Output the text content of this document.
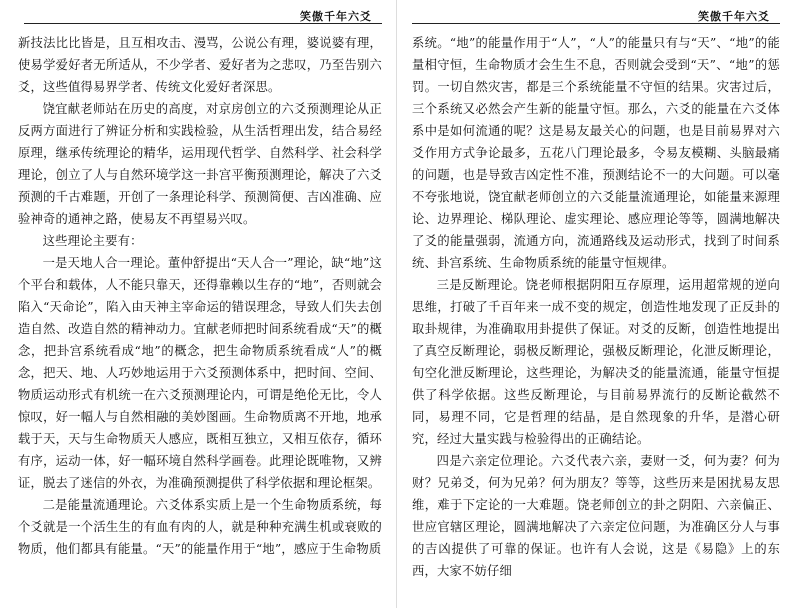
笑傲千年六爻

新技法比比皆是，且互相攻击、漫骂，公说公有理，婆说婆有理，使易学爱好者无所适从，不少学者、爱好者为之悲叹，乃至告别六爻，这些值得易界学者、传统文化爱好者深思。

饶宜献老师站在历史的高度，对京房创立的六爻预测理论从正反两方面进行了辨证分析和实践检验，从生活哲理出发，结合易经原理，继承传统理论的精华，运用现代哲学、自然科学、社会科学理论，创立了人与自然环境学这一卦宫平衡预测理论，解决了六爻预测的千古难题，开创了一条理论科学、预测简便、吉凶准确、应验神奇的通神之路，使易友不再望易兴叹。

这些理论主要有：

一是天地人合一理论。董仲舒提出“天人合一”理论，缺“地”这个平台和载体，人不能只靠天，还得靠赖以生存的“地”，否则就会陷入“天命论”，陷入由天神主宰命运的错误理念，导致人们失去创造自然、改造自然的精神动力。宜献老师把时间系统看成“天”的概念，把卦宫系统看成“地”的概念，把生命物质系统看成“人”的概念，把天、地、人巧妙地运用于六爻预测体系中，把时间、空间、物质运动形式有机统一在六爻预测理论内，可谓是绝伦无比，令人惊叹，好一幅人与自然相融的美妙图画。生命物质离不开地，地承载于天，天与生命物质天人感应，既相互独立，又相互依存，循环有序，运动一体，好一幅环境自然科学画卷。此理论既唯物，又辨证，脱去了迷信的外衣，为准确预测提供了科学依据和理论框架。

二是能量流通理论。六爻体系实质上是一个生命物质系统，每个爻就是一个活生生的有血有肉的人，就是种种充满生机或衰败的物质，他们都具有能量。“天”的能量作用于“地”，感应于生命物质

笑傲千年六爻

系统。“地”的能量作用于“人”，“人”的能量只有与“天”、“地”的能量相守恒，生命物质才会生生不息，否则就会受到“天”、“地”的惩罚。一切自然灾害，都是三个系统能量不守恒的结果。灾害过后，三个系统又必然会产生新的能量守恒。那么，六爻的能量在六爻体系中是如何流通的呢？这是易友最关心的问题，也是目前易界对六爻作用方式争论最多，五花八门理论最多，令易友模糊、头脑最痛的问题，也是导致吉凶定性不准，预测结论不一的大问题。可以毫不夸张地说，饶宜献老师创立的六爻能量流通理论，如能量来源理论、边界理论、梯队理论、虚实理论、感应理论等等，圆满地解决了爻的能量强弱，流通方向，流通路线及运动形式，找到了时间系统、卦宫系统、生命物质系统的能量守恒规律。

三是反断理论。饶老师根据阴阳互存原理，运用超常规的逆向思维，打破了千百年来一成不变的规定，创造性地发现了正反卦的取卦规律，为准确取用卦提供了保证。对爻的反断，创造性地提出了真空反断理论，弱极反断理论，强极反断理论，化泄反断理论，旬空化泄反断理论，这些理论，为解决爻的能量流通，能量守恒提供了科学依据。这些反断理论，与目前易界流行的反断论截然不同，易理不同，它是哲理的结晶，是自然现象的升华，是潜心研究，经过大量实践与检验得出的正确结论。

四是六亲定位理论。六爻代表六亲，妻财一爻，何为妻？何为财？兄弟爻，何为兄弟？何为朋友？等等，这些历来是困扰易友思维，难于下定论的一大难题。饶老师创立的卦之阴阳、六亲偏正、世应官辖区理论，圆满地解决了六亲定位问题，为准确区分人与事的吉凶提供了可靠的保证。也许有人会说，这是《易隐》上的东西，大家不妨仔细
